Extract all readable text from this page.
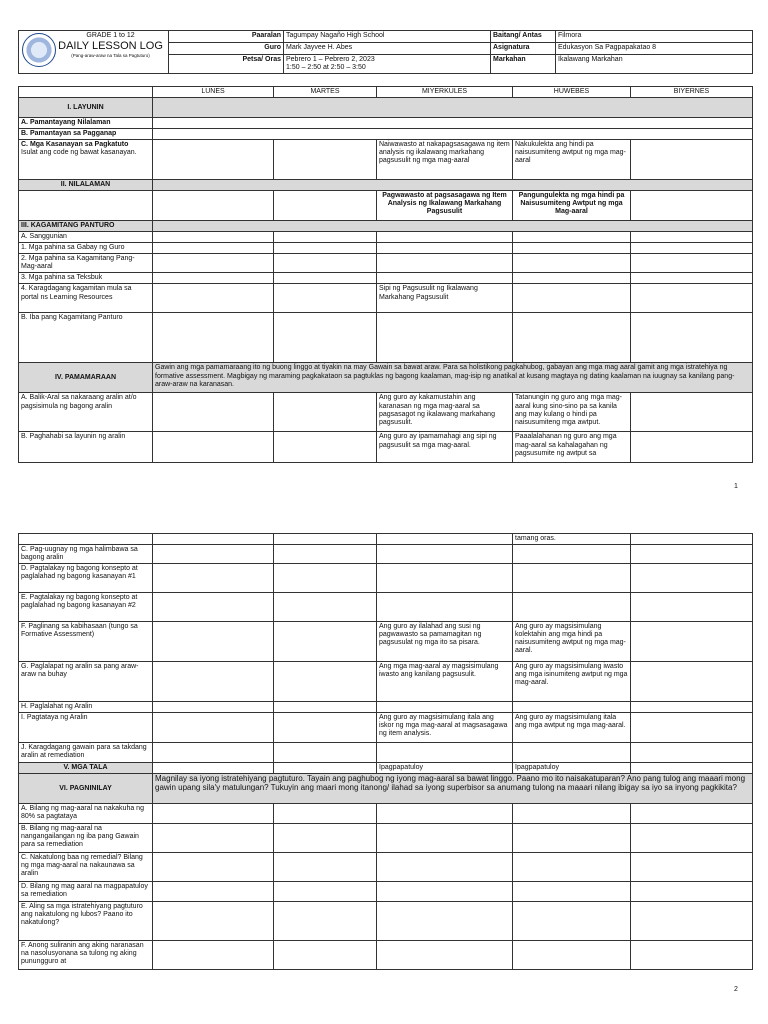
GRADE 1 to 12
DAILY LESSON LOG
(Pang-araw-araw na Tala sa Pagtuturo)	Paaralan	Tagumpay Nagaño High School	Baitang/ Antas	Filmora
	Guro	Mark Jayvee H. Abes	Asignatura	Edukasyon Sa Pagpapakatao 8
	Petsa/ Oras	Pebrero 1 – Pebrero 2, 2023
1:50 – 2:50 at 2:50 – 3:50	Markahan	Ikalawang Markahan
	LUNES	MARTES	MIYERKULES	HUWEBES	BIYERNES
I. LAYUNIN					
A. Pamantayang Nilalaman					
B. Pamantayan sa Pagganap					
C. Mga Kasanayan sa Pagkatuto
Isulat ang code ng bawat kasanayan.			Naiwawasto at nakapagsasagawa ng item analysis ng ikalawang markahang pagsusulit ng mga mag-aaral	Nakukulekta ang hindi pa naisusumiteng awtput ng mga mag-aaral	
II. NILALAMAN					
			Pagwawasto at pagsasagawa ng Item Analysis ng Ikalawang Markahang Pagsusulit	Pangungulekta ng mga hindi pa Naisusumiteng Awtput ng mga Mag-aaral	
III. KAGAMITANG PANTURO					
A. Sanggunian					
1. Mga pahina sa Gabay ng Guro					
2. Mga pahina sa Kagamitang Pang-Mag-aaral					
3. Mga pahina sa Teksbuk					
4. Karagdagang kagamitan mula sa portal ns Learning Resources			Sipi ng Pagsusulit ng Ikalawang Markahang Pagsusulit		
B. Iba pang Kagamitang Panturo					
IV. PAMAMARAAN	Gawin ang mga pamamaraang ito ng buong linggo at tiyakin na may Gawain sa bawat araw. Para sa holistikong pagkahubog, gabayan ang mga mag aaral gamit ang mga istratehiya ng formative assessment. Magbigay ng maraming pagkakataon sa pagtuklas ng bagong kaalaman, mag-isip ng anatikal at kusang magtaya ng dating kaalaman na iuugnay sa kanilang pang-araw-araw na karanasan.				
A. Balik-Aral sa nakaraang aralin at/o pagsisimula ng bagong aralin			Ang guro ay kakamustahin ang karanasan ng mga mag-aaral sa pagsasagot ng ikalawang markahang pagsusulit.	Tatanungin ng guro ang mga mag-aaral kung sino-sino pa sa kanila ang may kulang o hindi pa naisusumiteng mga awtput.	
B. Paghahabi sa layunin ng aralin			Ang guro ay ipamamahagi ang sipi ng pagsusulit sa mga mag-aaral.	Paaalalahanan ng guro ang mga mag-aaral sa kahalagahan ng pagsusumite ng awtput sa	
1
				tamang oras.	
C. Pag-uugnay ng mga halimbawa sa bagong aralin					
D. Pagtalakay ng bagong konsepto at paglalahad ng bagong kasanayan #1					
E. Pagtalakay ng bagong konsepto at paglalahad ng bagong kasanayan #2					
F. Paglinang sa kabihasaan (tungo sa Formative Assessment)			Ang guro ay ilalahad ang susi ng pagwawasto sa pamamagitan ng pagsusulat ng mga ito sa pisara.	Ang guro ay magsisimulang kolektahin ang mga hindi pa naisusumiteng awtput ng mga mag-aaral.	
G. Paglalapat ng aralin sa pang araw-araw na buhay			Ang mga mag-aaral ay magsisimulang iwasto ang kanilang pagsusulit.	Ang guro ay magsisimulang iwasto ang mga isinumiteng awtput ng mga mag-aaral.	
H. Paglalahat ng Aralin					
I. Pagtataya ng Aralin			Ang guro ay magsisimulang itala ang iskor ng mga mag-aaral at magsasagawa ng item analysis.	Ang guro ay magsisimulang itala ang mga awtput ng mga mag-aaral.	
J. Karagdagang gawain para sa takdang aralin at remediation					
V. MGA TALA			Ipagpapatuloy	Ipagpapatuloy	
VI. PAGNINILAY	Magnilay sa iyong istratehiyang pagtuturo. Tayain ang paghubog ng iyong mag-aaral sa bawat linggo. Paano mo ito naisakatuparan? Ano pang tulog ang maaari mong gawin upang sila'y matulungan? Tukuyin ang maari mong itanong/ ilahad sa iyong superbisor sa anumang tulong na maaari nilang ibigay sa iyo sa inyong pagkikita?				
A. Bilang ng mag-aaral na nakakuha ng 80% sa pagtataya					
B. Bilang ng mag-aaral na nangangailangan ng iba pang Gawain para sa remediation					
C. Nakatulong baa ng remedial? Bilang ng mga mag-aaral na nakaunawa sa aralin					
D. Bilang ng mag aaral na magpapatuloy sa remediation					
E. Aling sa mga istratehiyang pagtuturo ang nakatulong ng lubos? Paano ito nakatulong?					
F. Anong suliranin ang aking naranasan na nasolusyonana sa tulong ng aking punungguro at					
2
